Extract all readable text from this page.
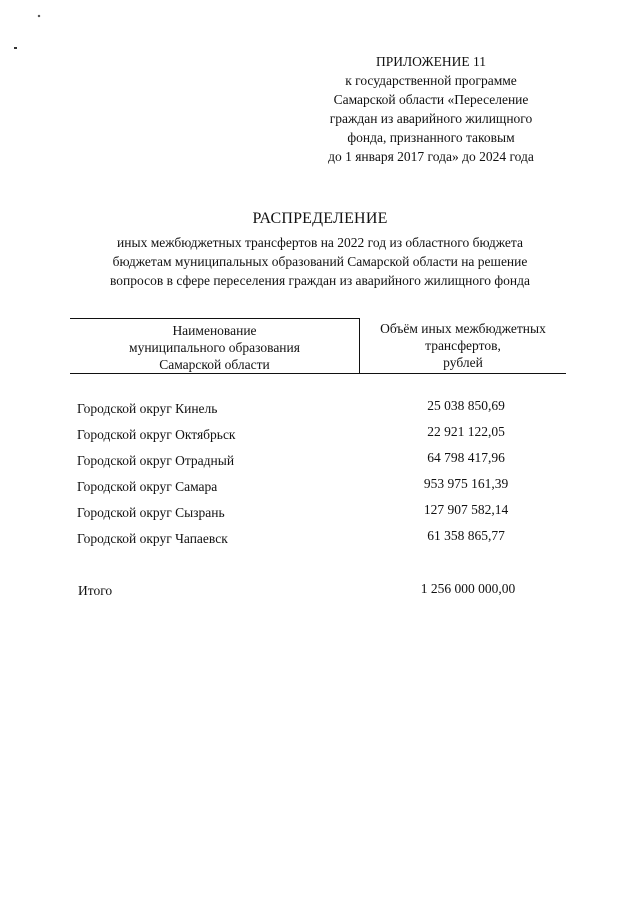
ПРИЛОЖЕНИЕ 11
к государственной программе
Самарской области «Переселение
граждан из аварийного жилищного
фонда, признанного таковым
до 1 января 2017 года» до 2024 года
РАСПРЕДЕЛЕНИЕ
иных межбюджетных трансфертов на 2022 год из областного бюджета
бюджетам муниципальных образований Самарской области на решение
вопросов в сфере переселения граждан из аварийного жилищного фонда
Наименование
муниципального образования
Самарской области
Объём иных межбюджетных
трансфертов,
рублей
Городской округ Кинель	25 038 850,69
Городской округ Октябрьск	22 921 122,05
Городской округ Отрадный	64 798 417,96
Городской округ Самара	953 975 161,39
Городской округ Сызрань	127 907 582,14
Городской округ Чапаевск	61 358 865,77
Итого	1 256 000 000,00
